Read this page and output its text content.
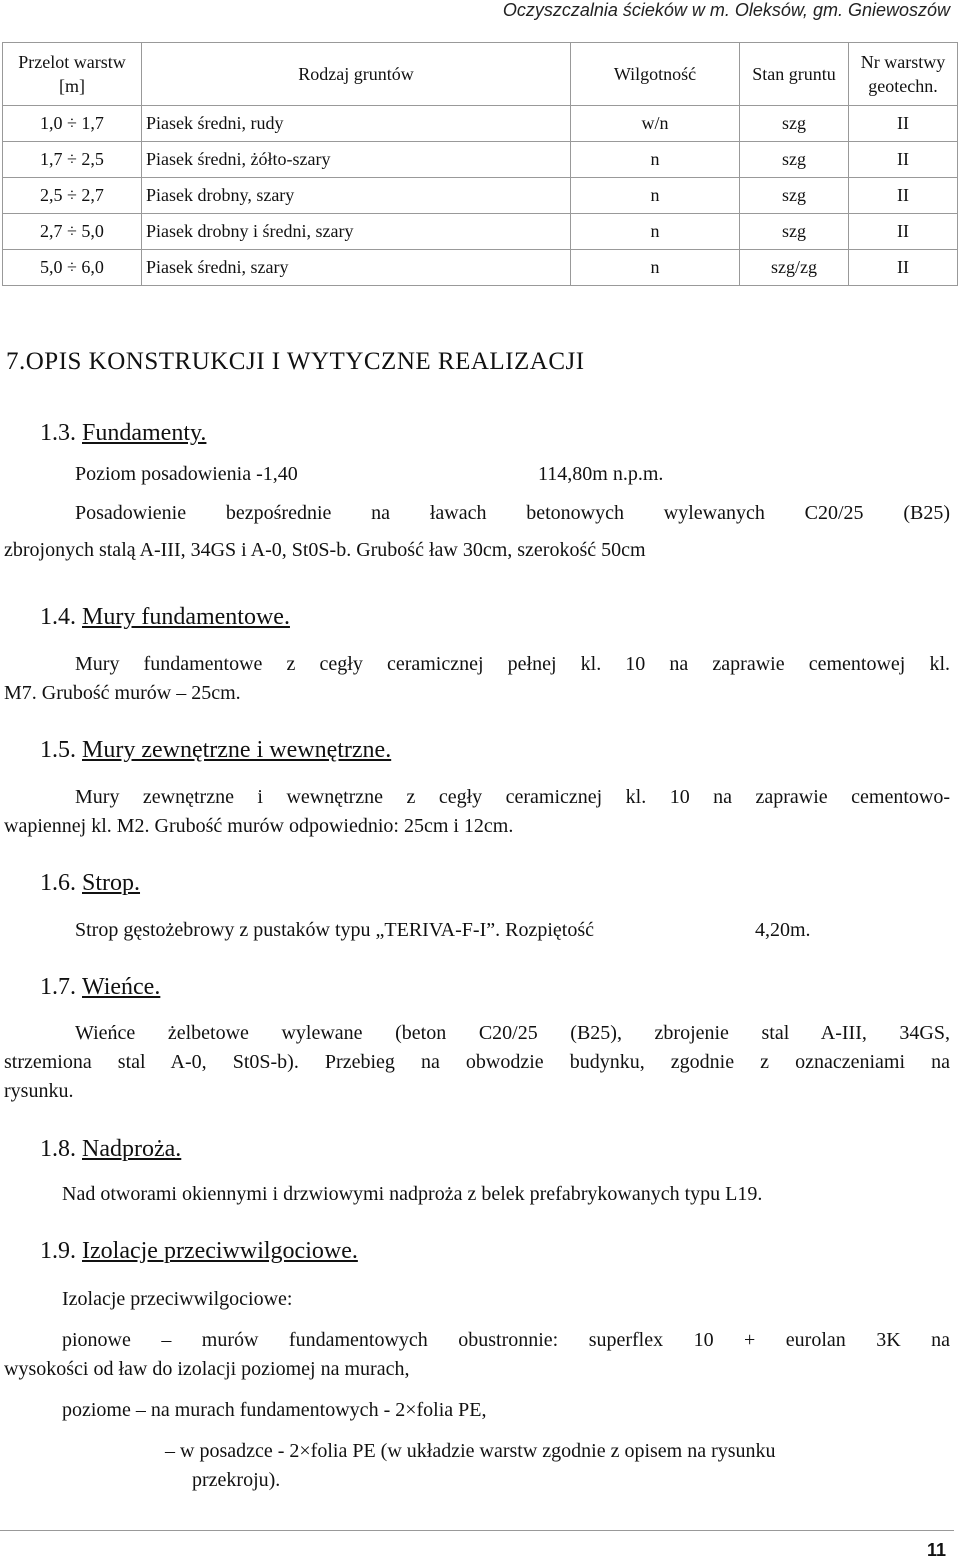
Oczyszczalnia ścieków w m. Oleksów, gm. Gniewoszów
Przelot warstw [m]	Rodzaj gruntów	Wilgotność	Stan gruntu	Nr warstwy geotechn.
1,0 ÷ 1,7	Piasek średni, rudy	w/n	szg	II
1,7 ÷ 2,5	Piasek średni, żółto-szary	n	szg	II
2,5 ÷ 2,7	Piasek drobny, szary	n	szg	II
2,7 ÷ 5,0	Piasek drobny i średni, szary	n	szg	II
5,0 ÷ 6,0	Piasek średni, szary	n	szg/zg	II
7.OPIS KONSTRUKCJI I WYTYCZNE REALIZACJI
1.3. Fundamenty.
Poziom posadowienia -1,40	114,80m n.p.m.
Posadowienie bezpośrednie na ławach betonowych wylewanych C20/25 (B25)
zbrojonych stalą A-III, 34GS i A-0, St0S-b. Grubość ław 30cm, szerokość 50cm
1.4. Mury fundamentowe.
Mury fundamentowe z cegły ceramicznej pełnej kl. 10 na zaprawie cementowej kl.
M7. Grubość murów – 25cm.
1.5. Mury zewnętrzne i wewnętrzne.
Mury zewnętrzne i wewnętrzne z cegły ceramicznej kl. 10 na zaprawie cementowo-
wapiennej kl. M2. Grubość murów odpowiednio: 25cm i 12cm.
1.6. Strop.
Strop gęstożebrowy z pustaków typu „TERIVA-F-I”. Rozpiętość	4,20m.
1.7. Wieńce.
Wieńce żelbetowe wylewane (beton C20/25 (B25), zbrojenie stal A-III, 34GS,
strzemiona stal A-0, St0S-b). Przebieg na obwodzie budynku, zgodnie z oznaczeniami na
rysunku.
1.8. Nadproża.
Nad otworami okiennymi i drzwiowymi nadproża z belek prefabrykowanych typu L19.
1.9. Izolacje przeciwwilgociowe.
Izolacje przeciwwilgociowe:
pionowe – murów fundamentowych obustronnie: superflex 10 + eurolan 3K na
wysokości od ław do izolacji poziomej na murach,
poziome – na murach fundamentowych - 2×folia PE,
– w posadzce - 2×folia PE (w układzie warstw zgodnie z opisem na rysunku
przekroju).
11
